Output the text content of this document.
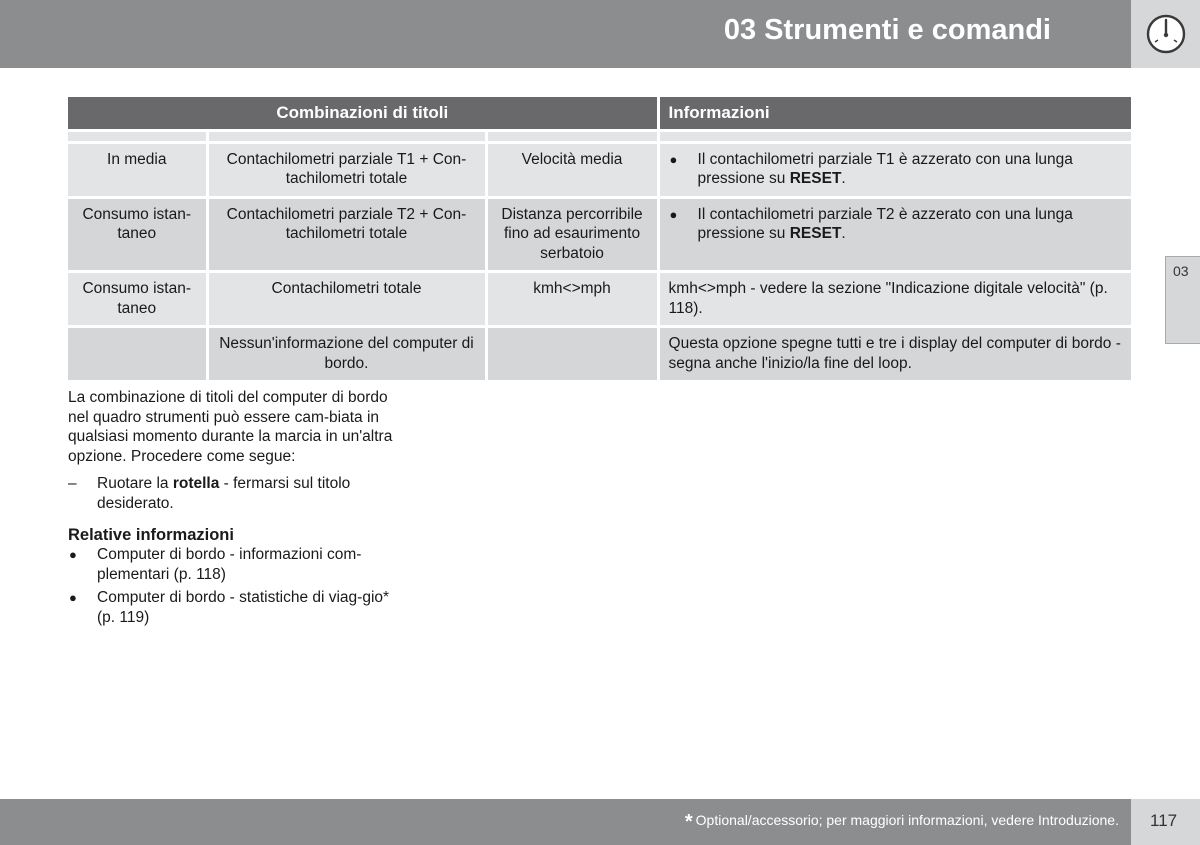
03 Strumenti e comandi
03
Combinazioni di titoli			Informazioni

In media	Contachilometri parziale T1 + Con-tachilometri totale	Velocità media	● Il contachilometri parziale T1 è azzerato con una lunga pressione su RESET.

Consumo istan-taneo	Contachilometri parziale T2 + Con-tachilometri totale	Distanza percorribile fino ad esaurimento serbatoio	● Il contachilometri parziale T2 è azzerato con una lunga pressione su RESET.

Consumo istan-taneo	Contachilometri totale	kmh<>mph	kmh<>mph - vedere la sezione "Indicazione digitale velocità" (p. 118).
	Nessun'informazione del computer di bordo.		Questa opzione spegne tutti e tre i display del computer di bordo - segna anche l'inizio/la fine del loop.

La combinazione di titoli del computer di bordo nel quadro strumenti può essere cam-biata in qualsiasi momento durante la marcia in un'altra opzione. Procedere come segue:

–	Ruotare la rotella - fermarsi sul titolo desiderato.
Relative informazioni
●	Computer di bordo - informazioni com-plementari (p. 118)
●	Computer di bordo - statistiche di viag-gio* (p. 119)
* Optional/accessorio; per maggiori informazioni, vedere Introduzione. 117
